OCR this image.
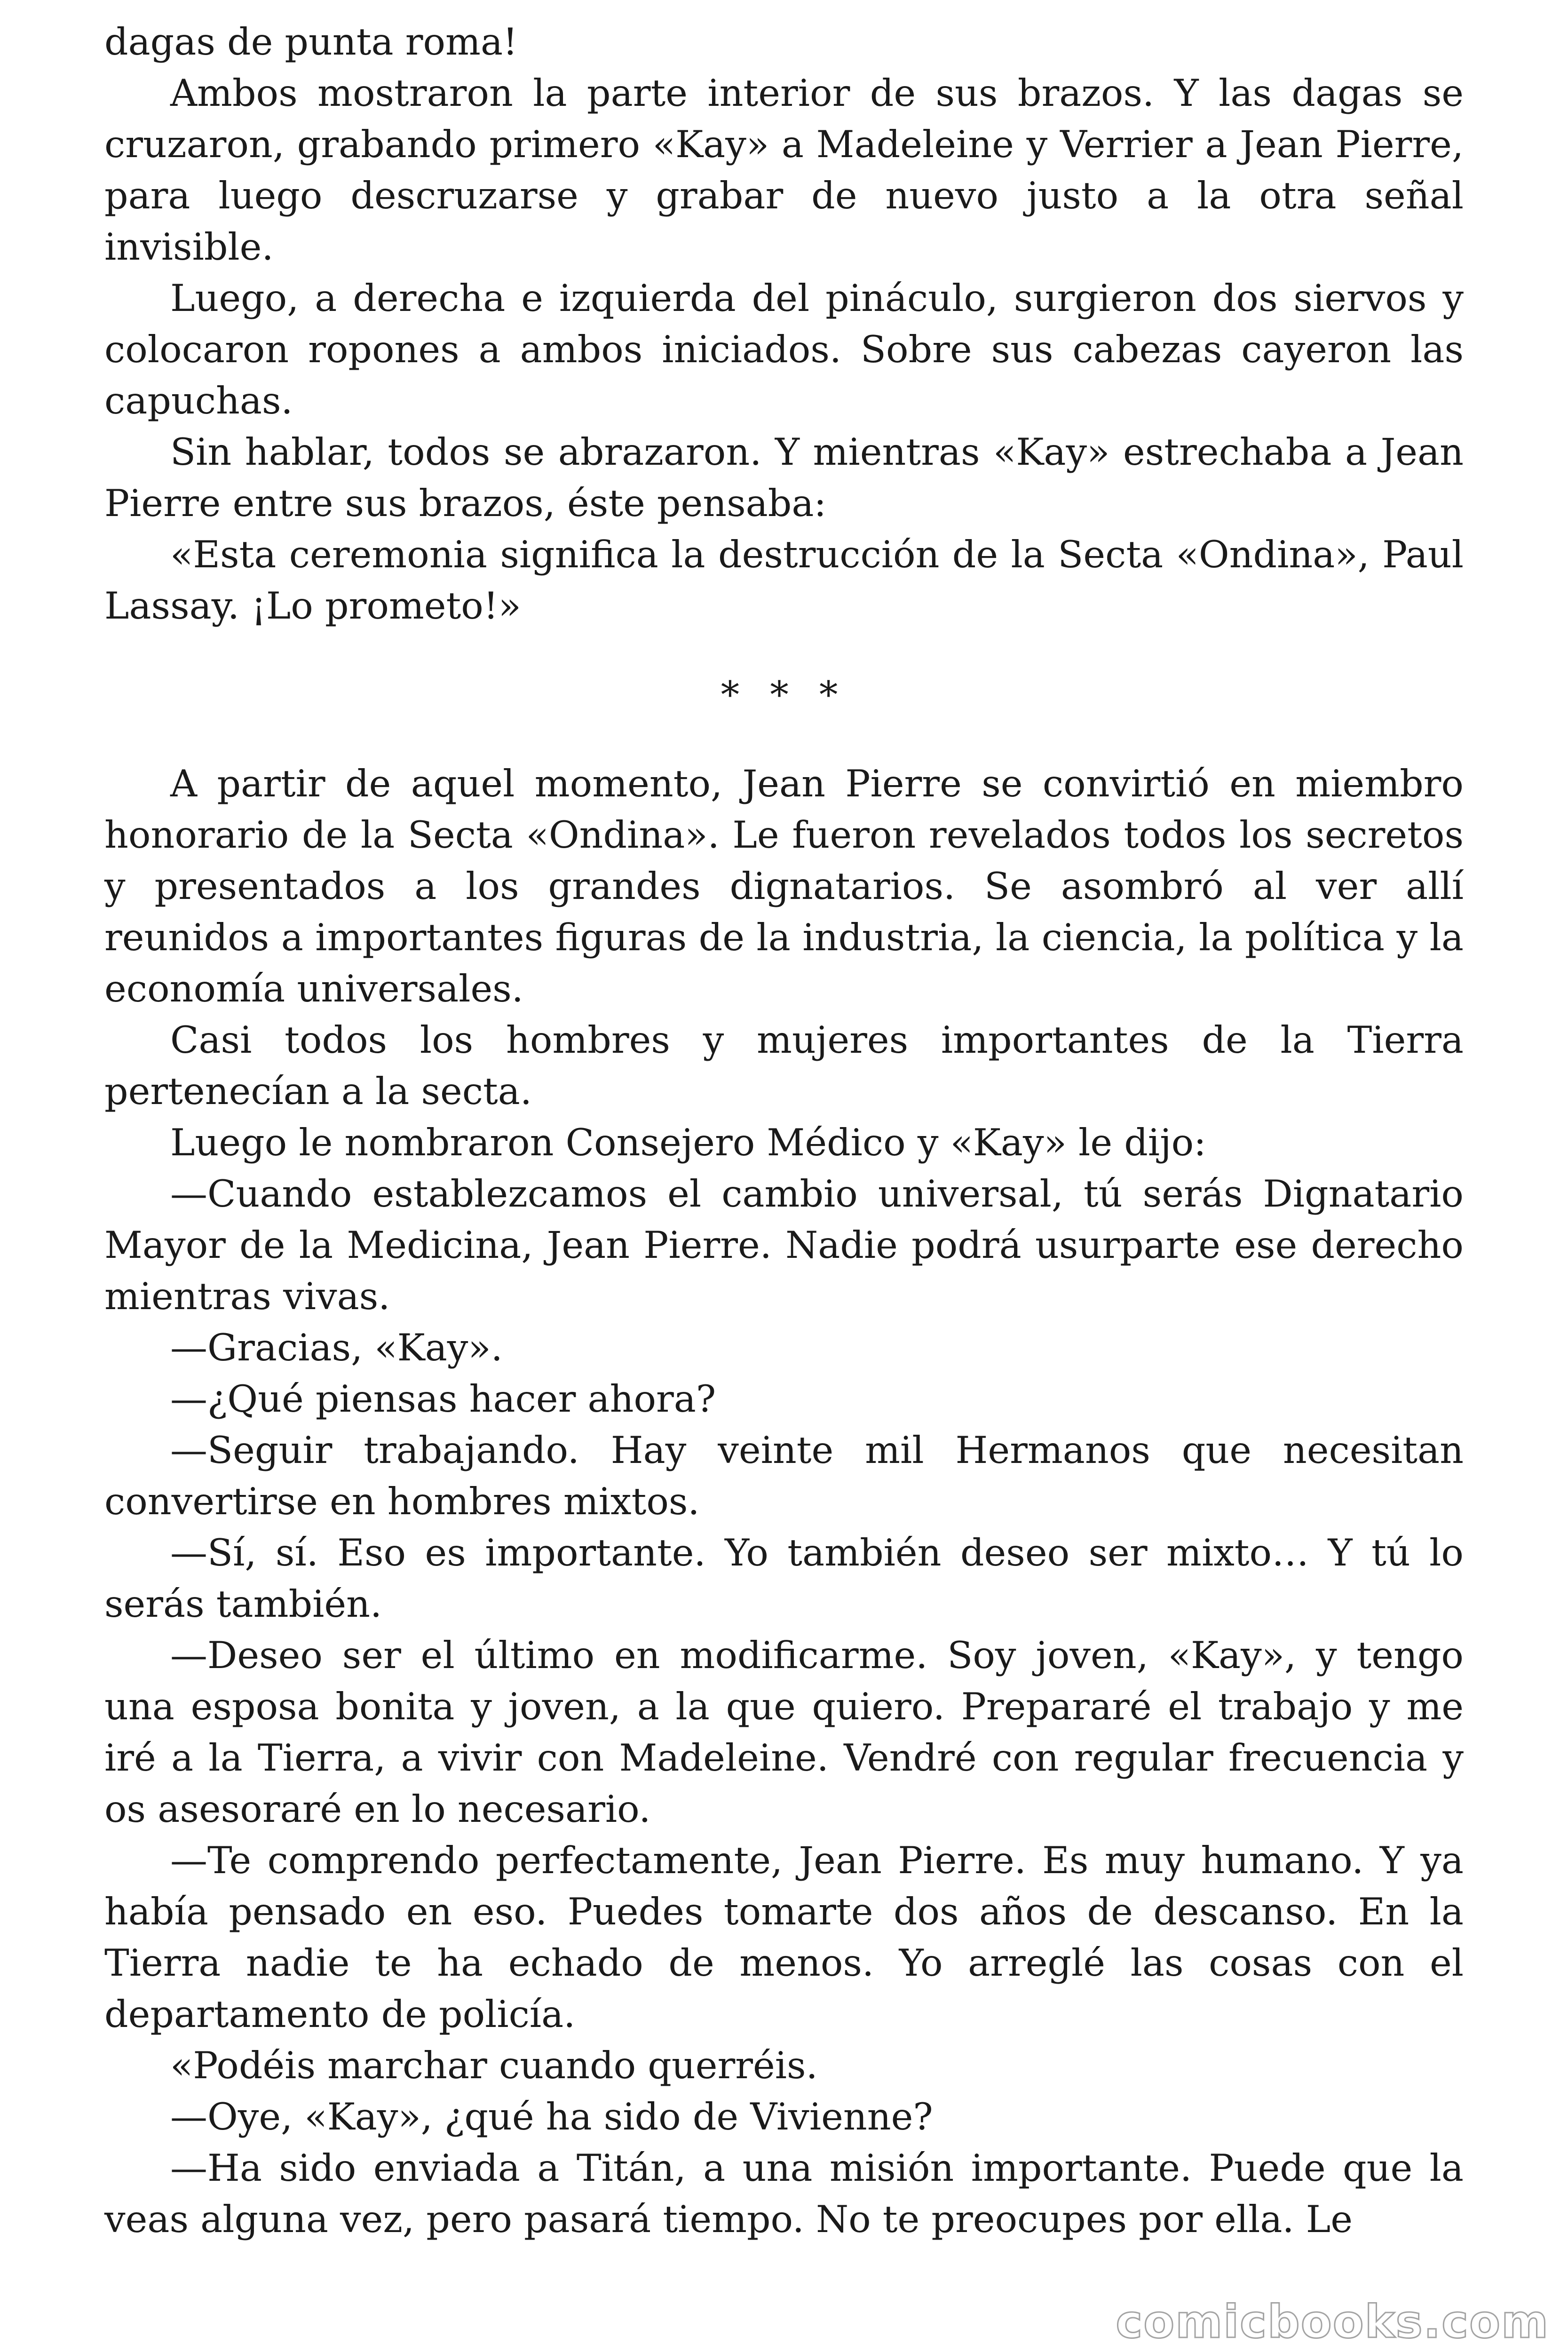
dagas de punta roma!

Ambos mostraron la parte interior de sus brazos. Y las dagas se cruzaron, grabando primero «Kay» a Madeleine y Verrier a Jean Pierre, para luego descruzarse y grabar de nuevo justo a la otra señal invisible.

Luego, a derecha e izquierda del pináculo, surgieron dos siervos y colocaron ropones a ambos iniciados. Sobre sus cabezas cayeron las capuchas.

Sin hablar, todos se abrazaron. Y mientras «Kay» estrechaba a Jean Pierre entre sus brazos, éste pensaba:

«Esta ceremonia significa la destrucción de la Secta «Ondina», Paul Lassay. ¡Lo prometo!»

* * *

A partir de aquel momento, Jean Pierre se convirtió en miembro honorario de la Secta «Ondina». Le fueron revelados todos los secretos y presentados a los grandes dignatarios. Se asombró al ver allí reunidos a importantes figuras de la industria, la ciencia, la política y la economía universales.

Casi todos los hombres y mujeres importantes de la Tierra pertenecían a la secta.

Luego le nombraron Consejero Médico y «Kay» le dijo:

—Cuando establezcamos el cambio universal, tú serás Dignatario Mayor de la Medicina, Jean Pierre. Nadie podrá usurparte ese derecho mientras vivas.

—Gracias, «Kay».

—¿Qué piensas hacer ahora?

—Seguir trabajando. Hay veinte mil Hermanos que necesitan convertirse en hombres mixtos.

—Sí, sí. Eso es importante. Yo también deseo ser mixto… Y tú lo serás también.

—Deseo ser el último en modificarme. Soy joven, «Kay», y tengo una esposa bonita y joven, a la que quiero. Prepararé el trabajo y me iré a la Tierra, a vivir con Madeleine. Vendré con regular frecuencia y os asesoraré en lo necesario.

—Te comprendo perfectamente, Jean Pierre. Es muy humano. Y ya había pensado en eso. Puedes tomarte dos años de descanso. En la Tierra nadie te ha echado de menos. Yo arreglé las cosas con el departamento de policía.

«Podéis marchar cuando querréis.

—Oye, «Kay», ¿qué ha sido de Vivienne?

—Ha sido enviada a Titán, a una misión importante. Puede que la veas alguna vez, pero pasará tiempo. No te preocupes por ella. Le

comicbooks.com
